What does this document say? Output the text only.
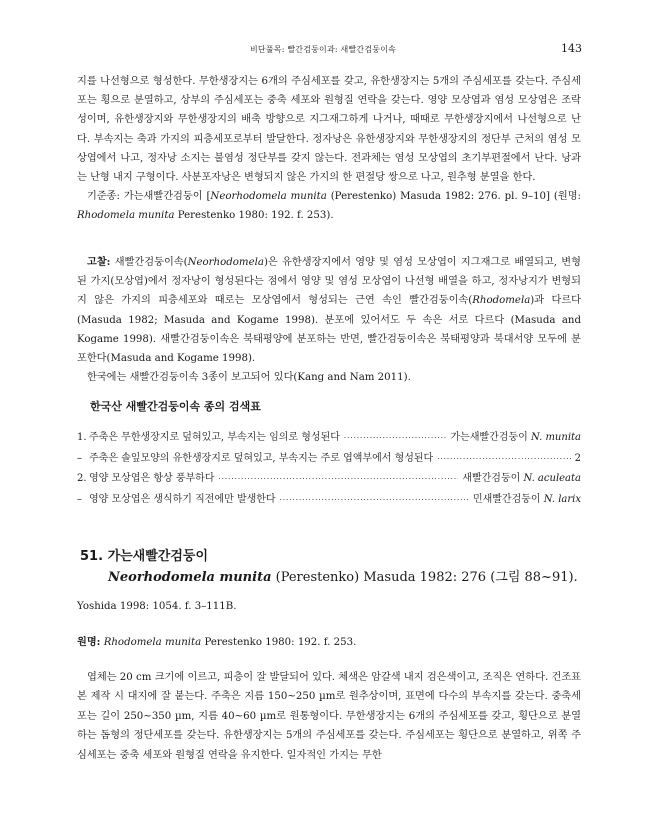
비단풀목: 빨간검둥이과: 새빨간검둥이속	143

지를 나선형으로 형성한다. 무한생장지는 6개의 주심세포를 갖고, 유한생장지는 5개의 주심세포를 갖는다. 주심세포는 횡으로 분열하고, 상부의 주심세포는 중축 세포와 원형질 연락을 갖는다. 영양 모상엽과 염성 모상엽은 조락성이며, 유한생장지와 무한생장지의 배축 방향으로 지그재그하게 나거나, 때때로 무한생장지에서 나선형으로 난다. 부속지는 축과 가지의 피층세포로부터 발달한다. 정자낭은 유한생장지와 무한생장지의 정단부 근처의 염성 모상엽에서 나고, 정자낭 소지는 불염성 정단부를 갖지 않는다. 전과체는 염성 모상엽의 초기부편절에서 난다. 낭과는 난형 내지 구형이다. 사분포자낭은 변형되지 않은 가지의 한 편절당 쌍으로 나고, 원추형 분열을 한다.

기준종: 가는새빨간검둥이 [Neorhodomela munita (Perestenko) Masuda 1982: 276. pl. 9–10] (원명: Rhodomela munita Perestenko 1980: 192. f. 253).

고찰: 새빨간검둥이속(Neorhodomela)은 유한생장지에서 영양 및 염성 모상엽이 지그재그로 배열되고, 변형된 가지(모상엽)에서 정자낭이 형성된다는 점에서 영양 및 염성 모상엽이 나선형 배열을 하고, 정자낭지가 변형되지 않은 가지의 피층세포와 때로는 모상엽에서 형성되는 근연 속인 빨간검둥이속(Rhodomela)과 다르다 (Masuda 1982; Masuda and Kogame 1998). 분포에 있어서도 두 속은 서로 다르다 (Masuda and Kogame 1998). 새빨간검둥이속은 북태평양에 분포하는 반면, 빨간검둥이속은 북태평양과 북대서양 모두에 분포한다(Masuda and Kogame 1998).

한국에는 새빨간검둥이속 3종이 보고되어 있다(Kang and Nam 2011).

한국산 새빨간검둥이속 종의 검색표
1. 주축은 무한생장지로 덮혀있고, 부속지는 임의로 형성된다 ·····	가는새빨간검둥이 N. munita
– 주축은 솔잎모양의 유한생장지로 덮혀있고, 부속지는 주로 엽액부에서 형성된다 ·····	2
2. 영양 모상엽은 항상 풍부하다 ·····	새빨간검둥이 N. aculeata
– 영양 모상엽은 생식하기 직전에만 발생한다 ·····	민새빨간검둥이 N. larix
51. 가는새빨간검둥이
Neorhodomela munita (Perestenko) Masuda 1982: 276 (그림 88~91).
Yoshida 1998: 1054. f. 3–111B.
원명: Rhodomela munita Perestenko 1980: 192. f. 253.
엽체는 20 cm 크기에 이르고, 피층이 잘 발달되어 있다. 체색은 암갈색 내지 검은색이고, 조직은 연하다. 건조표본 제작 시 대지에 잘 붙는다. 주축은 지름 150~250 µm로 원추상이며, 표면에 다수의 부속지를 갖는다. 중축세포는 길이 250~350 µm, 지름 40~60 µm로 원통형이다. 무한생장지는 6개의 주심세포를 갖고, 횡단으로 분열하는 돔형의 정단세포를 갖는다. 유한생장지는 5개의 주심세포를 갖는다. 주심세포는 횡단으로 분열하고, 위쪽 주심세포는 중축 세포와 원형질 연락을 유지한다. 일자적인 가지는 무한
